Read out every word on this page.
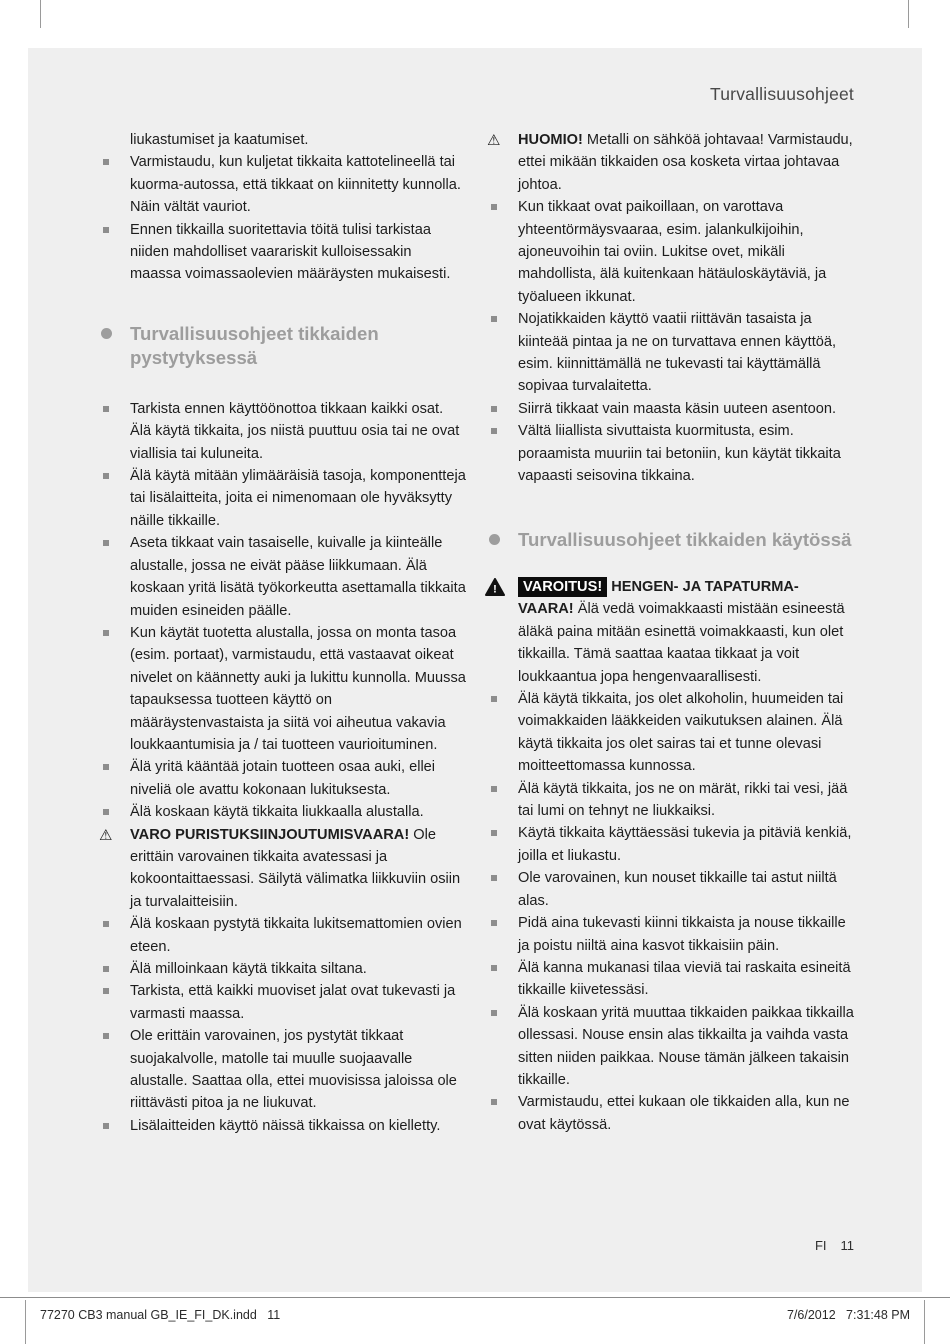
Turvallisuusohjeet
liukastumiset ja kaatumiset.
Varmistaudu, kun kuljetat tikkaita kattotelineellä tai kuorma-autossa, että tikkaat on kiinnitetty kunnolla. Näin vältät vauriot.
Ennen tikkailla suoritettavia töitä tulisi tarkistaa niiden mahdolliset vaarariskit kulloisessakin maassa voimassaolevien määräysten mukaisesti.
Turvallisuusohjeet tikkaiden pystytyksessä
Tarkista ennen käyttöönottoa tikkaan kaikki osat. Älä käytä tikkaita, jos niistä puuttuu osia tai ne ovat viallisia tai kuluneita.
Älä käytä mitään ylimääräisiä tasoja, komponentteja tai lisälaitteita, joita ei nimenomaan ole hyväksytty näille tikkaille.
Aseta tikkaat vain tasaiselle, kuivalle ja kiinteälle alustalle, jossa ne eivät pääse liikkumaan. Älä koskaan yritä lisätä työkorkeutta asettamalla tikkaita muiden esineiden päälle.
Kun käytät tuotetta alustalla, jossa on monta tasoa (esim. portaat), varmistaudu, että vastaavat oikeat nivelet on käännetty auki ja lukittu kunnolla. Muussa tapauksessa tuotteen käyttö on määräystenvastaista ja siitä voi aiheutua vakavia loukkaantumisia ja / tai tuotteen vaurioituminen.
Älä yritä kääntää jotain tuotteen osaa auki, ellei niveliä ole avattu kokonaan lukituksesta.
Älä koskaan käytä tikkaita liukkaalla alustalla.
⚠ VARO PURISTUKSIINJOUTUMISVAARA! Ole erittäin varovainen tikkaita avatessasi ja kokoontaittaessasi. Säilytä välimatka liikkuviin osiin ja turvalaitteisiin.
Älä koskaan pystytä tikkaita lukitsemattomien ovien eteen.
Älä milloinkaan käytä tikkaita siltana.
Tarkista, että kaikki muoviset jalat ovat tukevasti ja varmasti maassa.
Ole erittäin varovainen, jos pystytät tikkaat suojakalvolle, matolle tai muulle suojaavalle alustalle. Saattaa olla, ettei muovisissa jaloissa ole riittävästi pitoa ja ne liukuvat.
Lisälaitteiden käyttö näissä tikkaissa on kielletty.
⚠ HUOMIO! Metalli on sähköä johtavaa! Varmistaudu, ettei mikään tikkaiden osa kosketa virtaa johtavaa johtoa.
Kun tikkaat ovat paikoillaan, on varottava yhteentörmäysvaaraa, esim. jalankulkijoihin, ajoneuvoihin tai oviin. Lukitse ovet, mikäli mahdollista, älä kuitenkaan hätäuloskäytäviä, ja työalueen ikkunat.
Nojatikkaiden käyttö vaatii riittävän tasaista ja kiinteää pintaa ja ne on turvattava ennen käyttöä, esim. kiinnittämällä ne tukevasti tai käyttämällä sopivaa turvalaitetta.
Siirrä tikkaat vain maasta käsin uuteen asentoon.
Vältä liiallista sivuttaista kuormitusta, esim. poraamista muuriin tai betoniin, kun käytät tikkaita vapaasti seisovina tikkaina.
Turvallisuusohjeet tikkaiden käytössä
! VAROITUS! HENGEN- JA TAPATURMA-VAARA! Älä vedä voimakkaasti mistään esineestä äläkä paina mitään esinettä voimakkaasti, kun olet tikkailla. Tämä saattaa kaataa tikkaat ja voit loukkaantua jopa hengenvaarallisesti.
Älä käytä tikkaita, jos olet alkoholin, huumeiden tai voimakkaiden lääkkeiden vaikutuksen alainen. Älä käytä tikkaita jos olet sairas tai et tunne olevasi moitteettomassa kunnossa.
Älä käytä tikkaita, jos ne on märät, rikki tai vesi, jää tai lumi on tehnyt ne liukkaiksi.
Käytä tikkaita käyttäessäsi tukevia ja pitäviä kenkiä, joilla et liukastu.
Ole varovainen, kun nouset tikkaille tai astut niiltä alas.
Pidä aina tukevasti kiinni tikkaista ja nouse tikkaille ja poistu niiltä aina kasvot tikkaisiin päin.
Älä kanna mukanasi tilaa vieviä tai raskaita esineitä tikkaille kiivetessäsi.
Älä koskaan yritä muuttaa tikkaiden paikkaa tikkailla ollessasi. Nouse ensin alas tikkailta ja vaihda vasta sitten niiden paikkaa. Nouse tämän jälkeen takaisin tikkaille.
Varmistaudu, ettei kukaan ole tikkaiden alla, kun ne ovat käytössä.
FI 11
77270 CB3 manual GB_IE_FI_DK.indd   11	7/6/2012   7:31:48 PM
